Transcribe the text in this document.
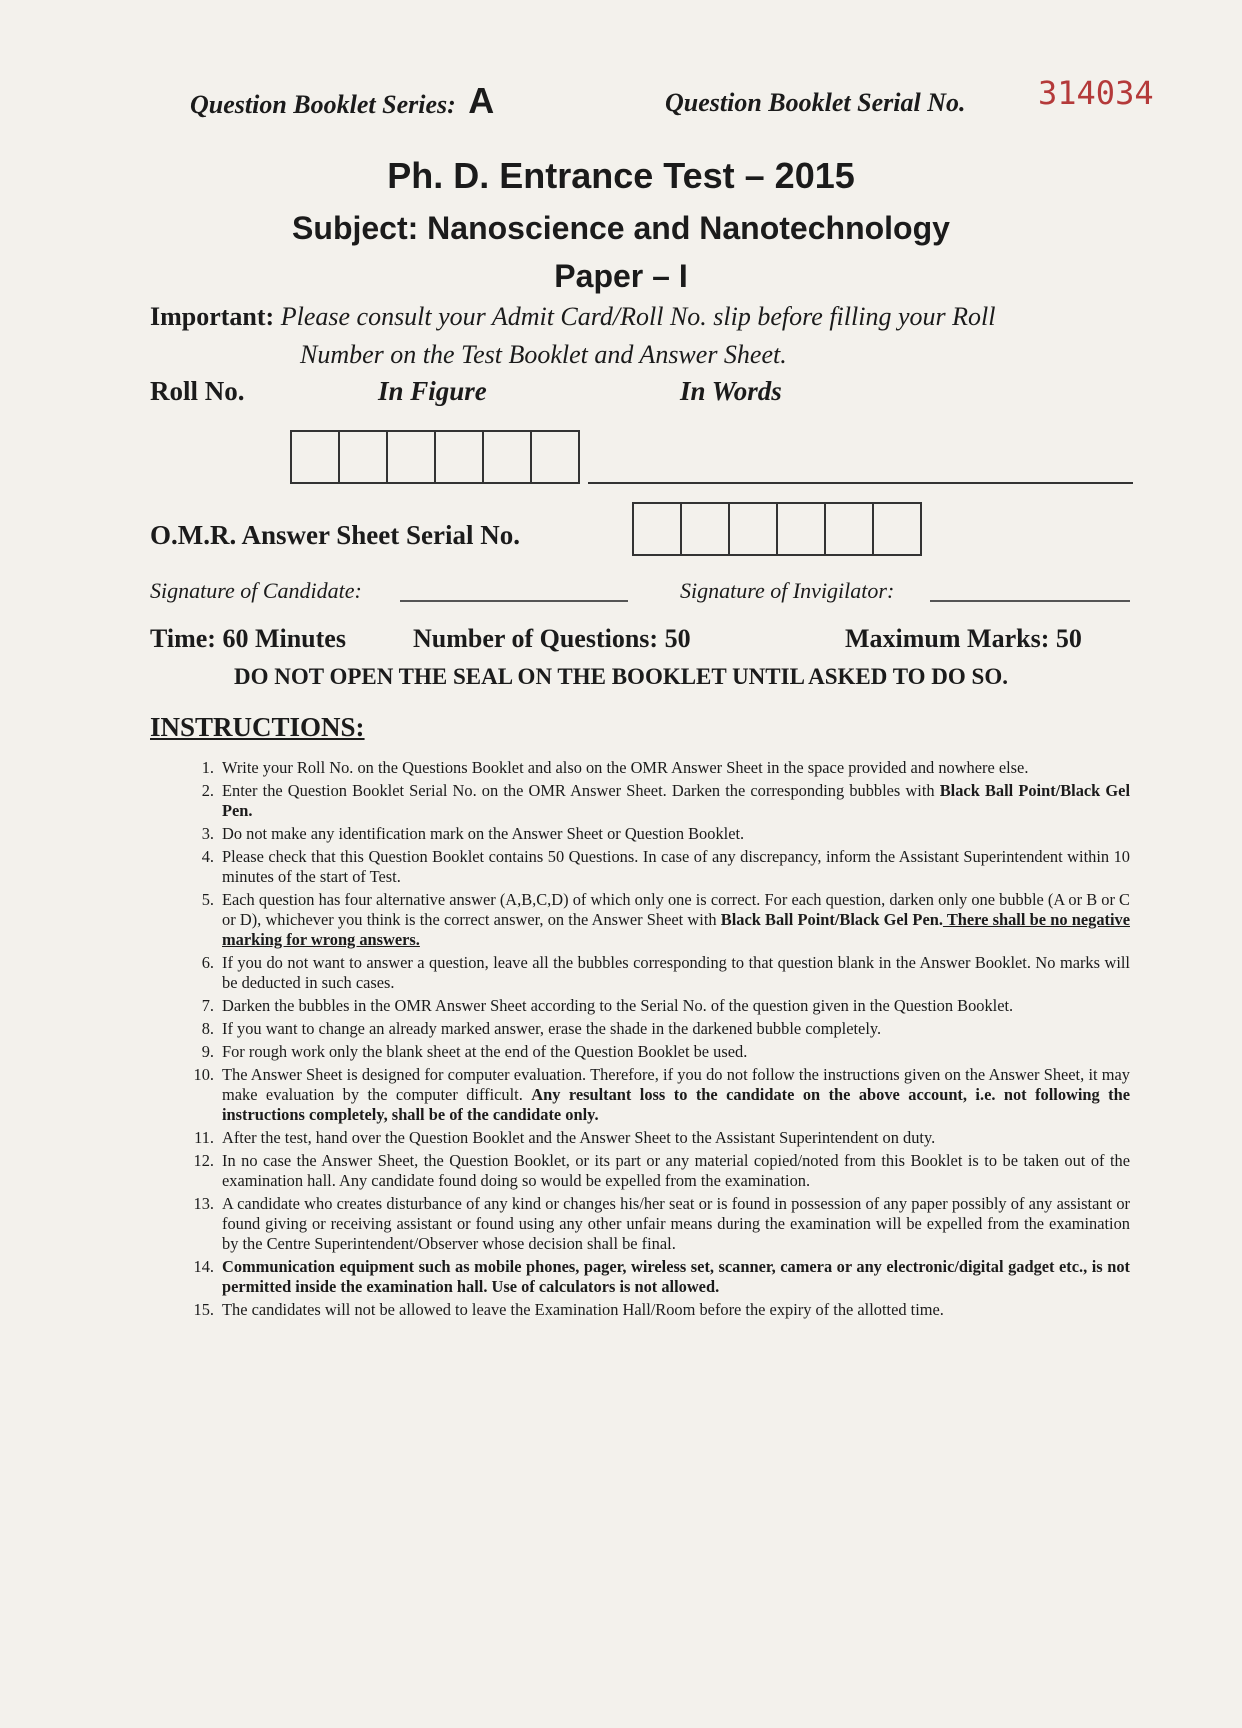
Question Booklet Series: A	Question Booklet Serial No. 314034
Ph. D. Entrance Test – 2015
Subject: Nanoscience and Nanotechnology
Paper – I
Important: Please consult your Admit Card/Roll No. slip before filling your Roll
Number on the Test Booklet and Answer Sheet.
Roll No.	In Figure	In Words
O.M.R. Answer Sheet Serial No.
Signature of Candidate:	Signature of Invigilator:
Time: 60 Minutes	Number of Questions: 50	Maximum Marks: 50
DO NOT OPEN THE SEAL ON THE BOOKLET UNTIL ASKED TO DO SO.
INSTRUCTIONS:
1. Write your Roll No. on the Questions Booklet and also on the OMR Answer Sheet in the space provided and nowhere else.
2. Enter the Question Booklet Serial No. on the OMR Answer Sheet. Darken the corresponding bubbles with Black Ball Point/Black Gel Pen.
3. Do not make any identification mark on the Answer Sheet or Question Booklet.
4. Please check that this Question Booklet contains 50 Questions. In case of any discrepancy, inform the Assistant Superintendent within 10 minutes of the start of Test.
5. Each question has four alternative answer (A,B,C,D) of which only one is correct. For each question, darken only one bubble (A or B or C or D), whichever you think is the correct answer, on the Answer Sheet with Black Ball Point/Black Gel Pen. There shall be no negative marking for wrong answers.
6. If you do not want to answer a question, leave all the bubbles corresponding to that question blank in the Answer Booklet. No marks will be deducted in such cases.
7. Darken the bubbles in the OMR Answer Sheet according to the Serial No. of the question given in the Question Booklet.
8. If you want to change an already marked answer, erase the shade in the darkened bubble completely.
9. For rough work only the blank sheet at the end of the Question Booklet be used.
10. The Answer Sheet is designed for computer evaluation. Therefore, if you do not follow the instructions given on the Answer Sheet, it may make evaluation by the computer difficult. Any resultant loss to the candidate on the above account, i.e. not following the instructions completely, shall be of the candidate only.
11. After the test, hand over the Question Booklet and the Answer Sheet to the Assistant Superintendent on duty.
12. In no case the Answer Sheet, the Question Booklet, or its part or any material copied/noted from this Booklet is to be taken out of the examination hall. Any candidate found doing so would be expelled from the examination.
13. A candidate who creates disturbance of any kind or changes his/her seat or is found in possession of any paper possibly of any assistant or found giving or receiving assistant or found using any other unfair means during the examination will be expelled from the examination by the Centre Superintendent/Observer whose decision shall be final.
14. Communication equipment such as mobile phones, pager, wireless set, scanner, camera or any electronic/digital gadget etc., is not permitted inside the examination hall. Use of calculators is not allowed.
15. The candidates will not be allowed to leave the Examination Hall/Room before the expiry of the allotted time.
